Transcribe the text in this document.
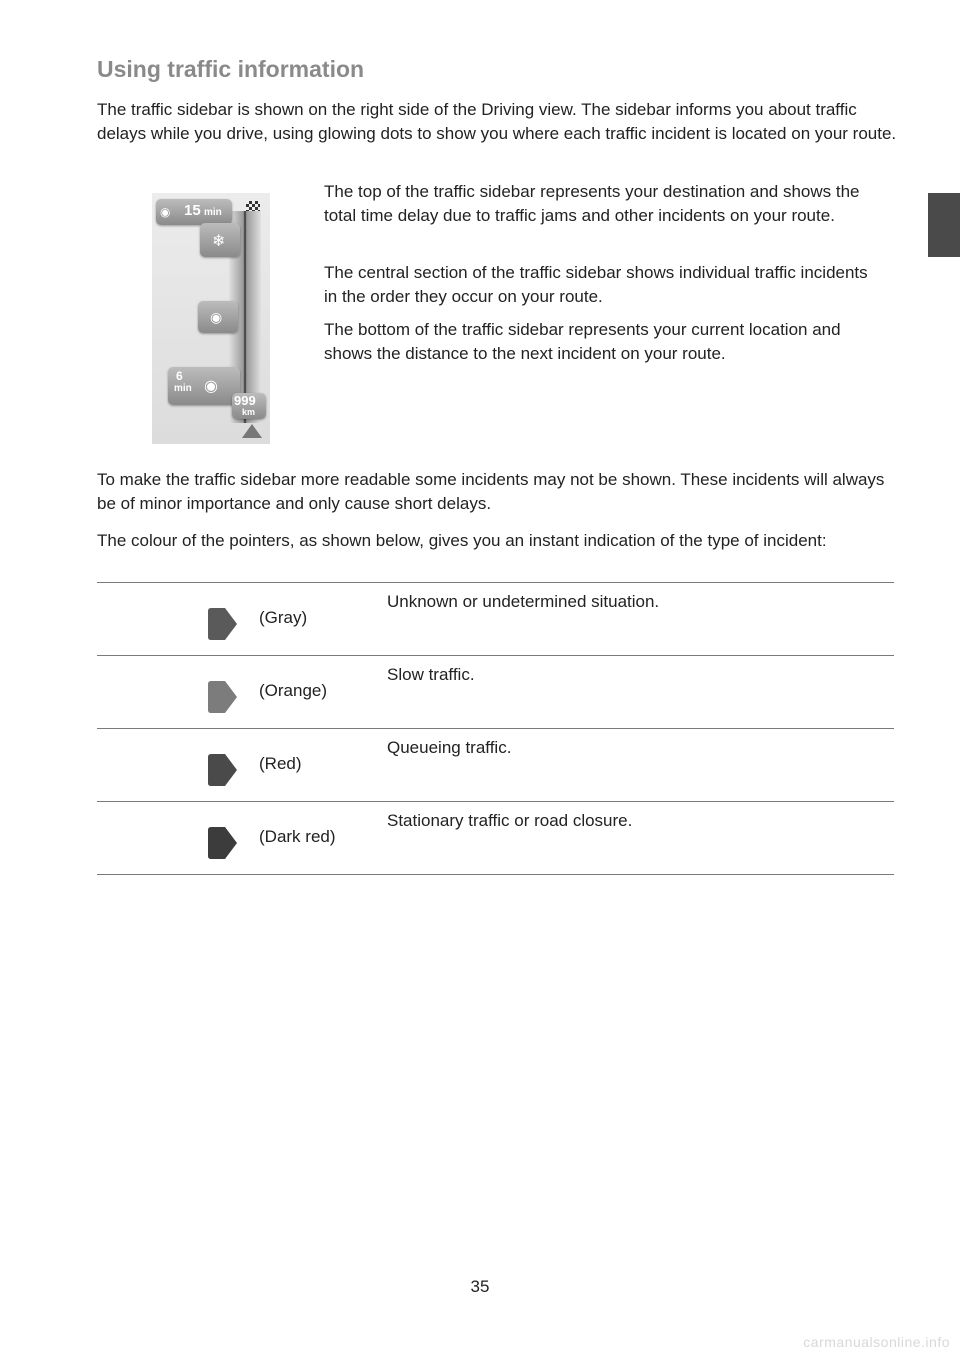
Using traffic information

The traffic sidebar is shown on the right side of the Driving view. The sidebar informs you about traffic delays while you drive, using glowing dots to show you where each traffic incident is located on your route.

◉ 15 min
❄
◉
6
min ◉
999
km

The top of the traffic sidebar represents your destination and shows the total time delay due to traffic jams and other incidents on your route.

The central section of the traffic sidebar shows individual traffic incidents in the order they occur on your route.

The bottom of the traffic sidebar represents your current location and shows the distance to the next incident on your route.

To make the traffic sidebar more readable some incidents may not be shown. These incidents will always be of minor importance and only cause short delays.

The colour of the pointers, as shown below, gives you an instant indication of the type of incident:

(Gray)
Unknown or undetermined situation.
(Orange)
Slow traffic.
(Red)
Queueing traffic.
(Dark red)
Stationary traffic or road closure.
35
carmanualsonline.info
